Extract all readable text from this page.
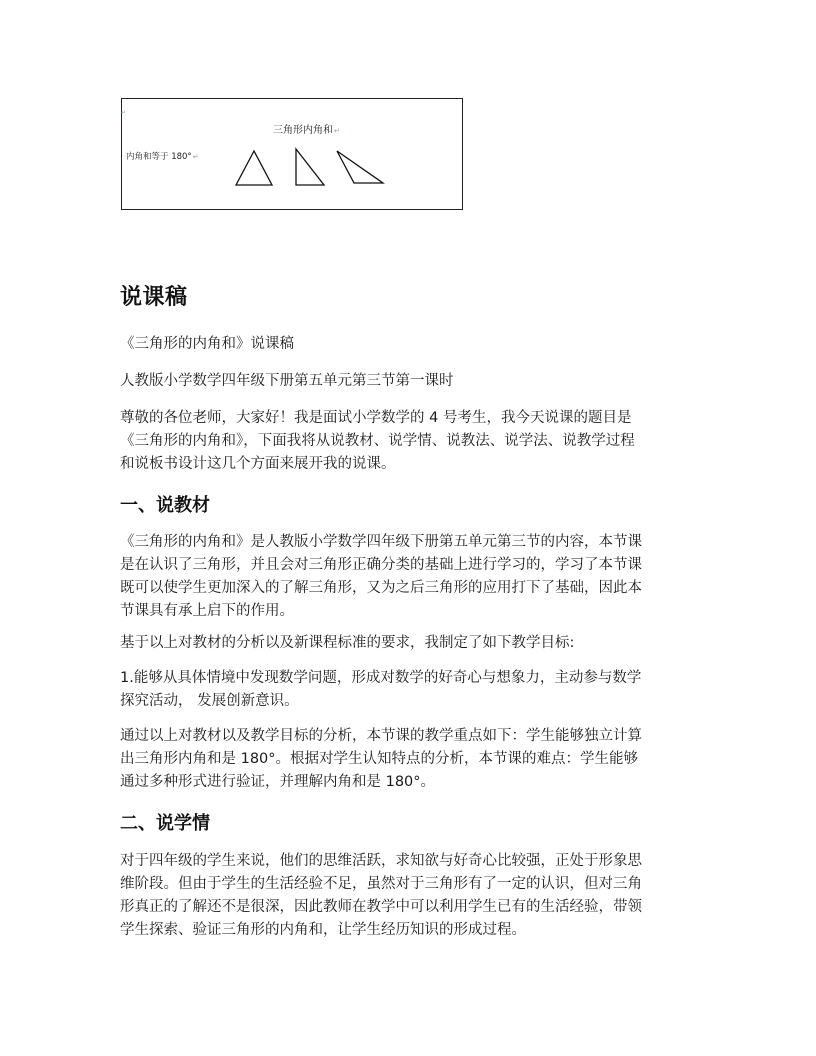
↵
三角形内角和↵
内角和等于 180°↵
说课稿

《三角形的内角和》说课稿

人教版小学数学四年级下册第五单元第三节第一课时

尊敬的各位老师，大家好！我是面试小学数学的 4 号考生，我今天说课的题目是

《三角形的内角和》，下面我将从说教材、说学情、说教法、说学法、说教学过程

和说板书设计这几个方面来展开我的说课。

一、说教材

《三角形的内角和》是人教版小学数学四年级下册第五单元第三节的内容，本节课

是在认识了三角形，并且会对三角形正确分类的基础上进行学习的，学习了本节课

既可以使学生更加深入的了解三角形，又为之后三角形的应用打下了基础，因此本

节课具有承上启下的作用。

基于以上对教材的分析以及新课程标准的要求，我制定了如下教学目标:

1.能够从具体情境中发现数学问题，形成对数学的好奇心与想象力，主动参与数学

探究活动， 发展创新意识。

通过以上对教材以及教学目标的分析，本节课的教学重点如下：学生能够独立计算

出三角形内角和是 180°。根据对学生认知特点的分析，本节课的难点：学生能够

通过多种形式进行验证，并理解内角和是 180°。

二、说学情

对于四年级的学生来说，他们的思维活跃，求知欲与好奇心比较强，正处于形象思

维阶段。但由于学生的生活经验不足，虽然对于三角形有了一定的认识，但对三角

形真正的了解还不是很深，因此教师在教学中可以利用学生已有的生活经验，带领

学生探索、验证三角形的内角和，让学生经历知识的形成过程。
